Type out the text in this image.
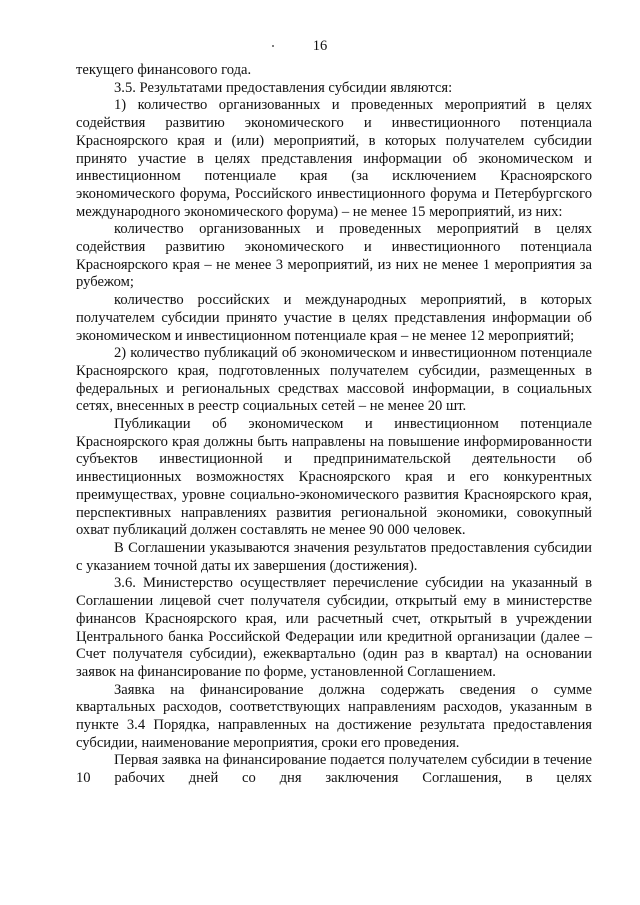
16

текущего финансового года.

3.5. Результатами предоставления субсидии являются:

1) количество организованных и проведенных мероприятий в целях содействия развитию экономического и инвестиционного потенциала Красноярского края и (или) мероприятий, в которых получателем субсидии принято участие в целях представления информации об экономическом и инвестиционном потенциале края (за исключением Красноярского экономического форума, Российского инвестиционного форума и Петербургского международного экономического форума) – не менее 15 мероприятий, из них:

количество организованных и проведенных мероприятий в целях содействия развитию экономического и инвестиционного потенциала Красноярского края – не менее 3 мероприятий, из них не менее 1 мероприятия за рубежом;

количество российских и международных мероприятий, в которых получателем субсидии принято участие в целях представления информации об экономическом и инвестиционном потенциале края – не менее 12 мероприятий;

2) количество публикаций об экономическом и инвестиционном потенциале Красноярского края, подготовленных получателем субсидии, размещенных в федеральных и региональных средствах массовой информации, в социальных сетях, внесенных в реестр социальных сетей – не менее 20 шт.

Публикации об экономическом и инвестиционном потенциале Красноярского края должны быть направлены на повышение информированности субъектов инвестиционной и предпринимательской деятельности об инвестиционных возможностях Красноярского края и его конкурентных преимуществах, уровне социально-экономического развития Красноярского края, перспективных направлениях развития региональной экономики, совокупный охват публикаций должен составлять не менее 90 000 человек.

В Соглашении указываются значения результатов предоставления субсидии с указанием точной даты их завершения (достижения).

3.6. Министерство осуществляет перечисление субсидии на указанный в Соглашении лицевой счет получателя субсидии, открытый ему в министерстве финансов Красноярского края, или расчетный счет, открытый в учреждении Центрального банка Российской Федерации или кредитной организации (далее – Счет получателя субсидии), ежеквартально (один раз в квартал) на основании заявок на финансирование по форме, установленной Соглашением.

Заявка на финансирование должна содержать сведения о сумме квартальных расходов, соответствующих направлениям расходов, указанным в пункте 3.4 Порядка, направленных на достижение результата предоставления субсидии, наименование мероприятия, сроки его проведения.

Первая заявка на финансирование подается получателем субсидии в течение 10 рабочих дней со дня заключения Соглашения, в целях
